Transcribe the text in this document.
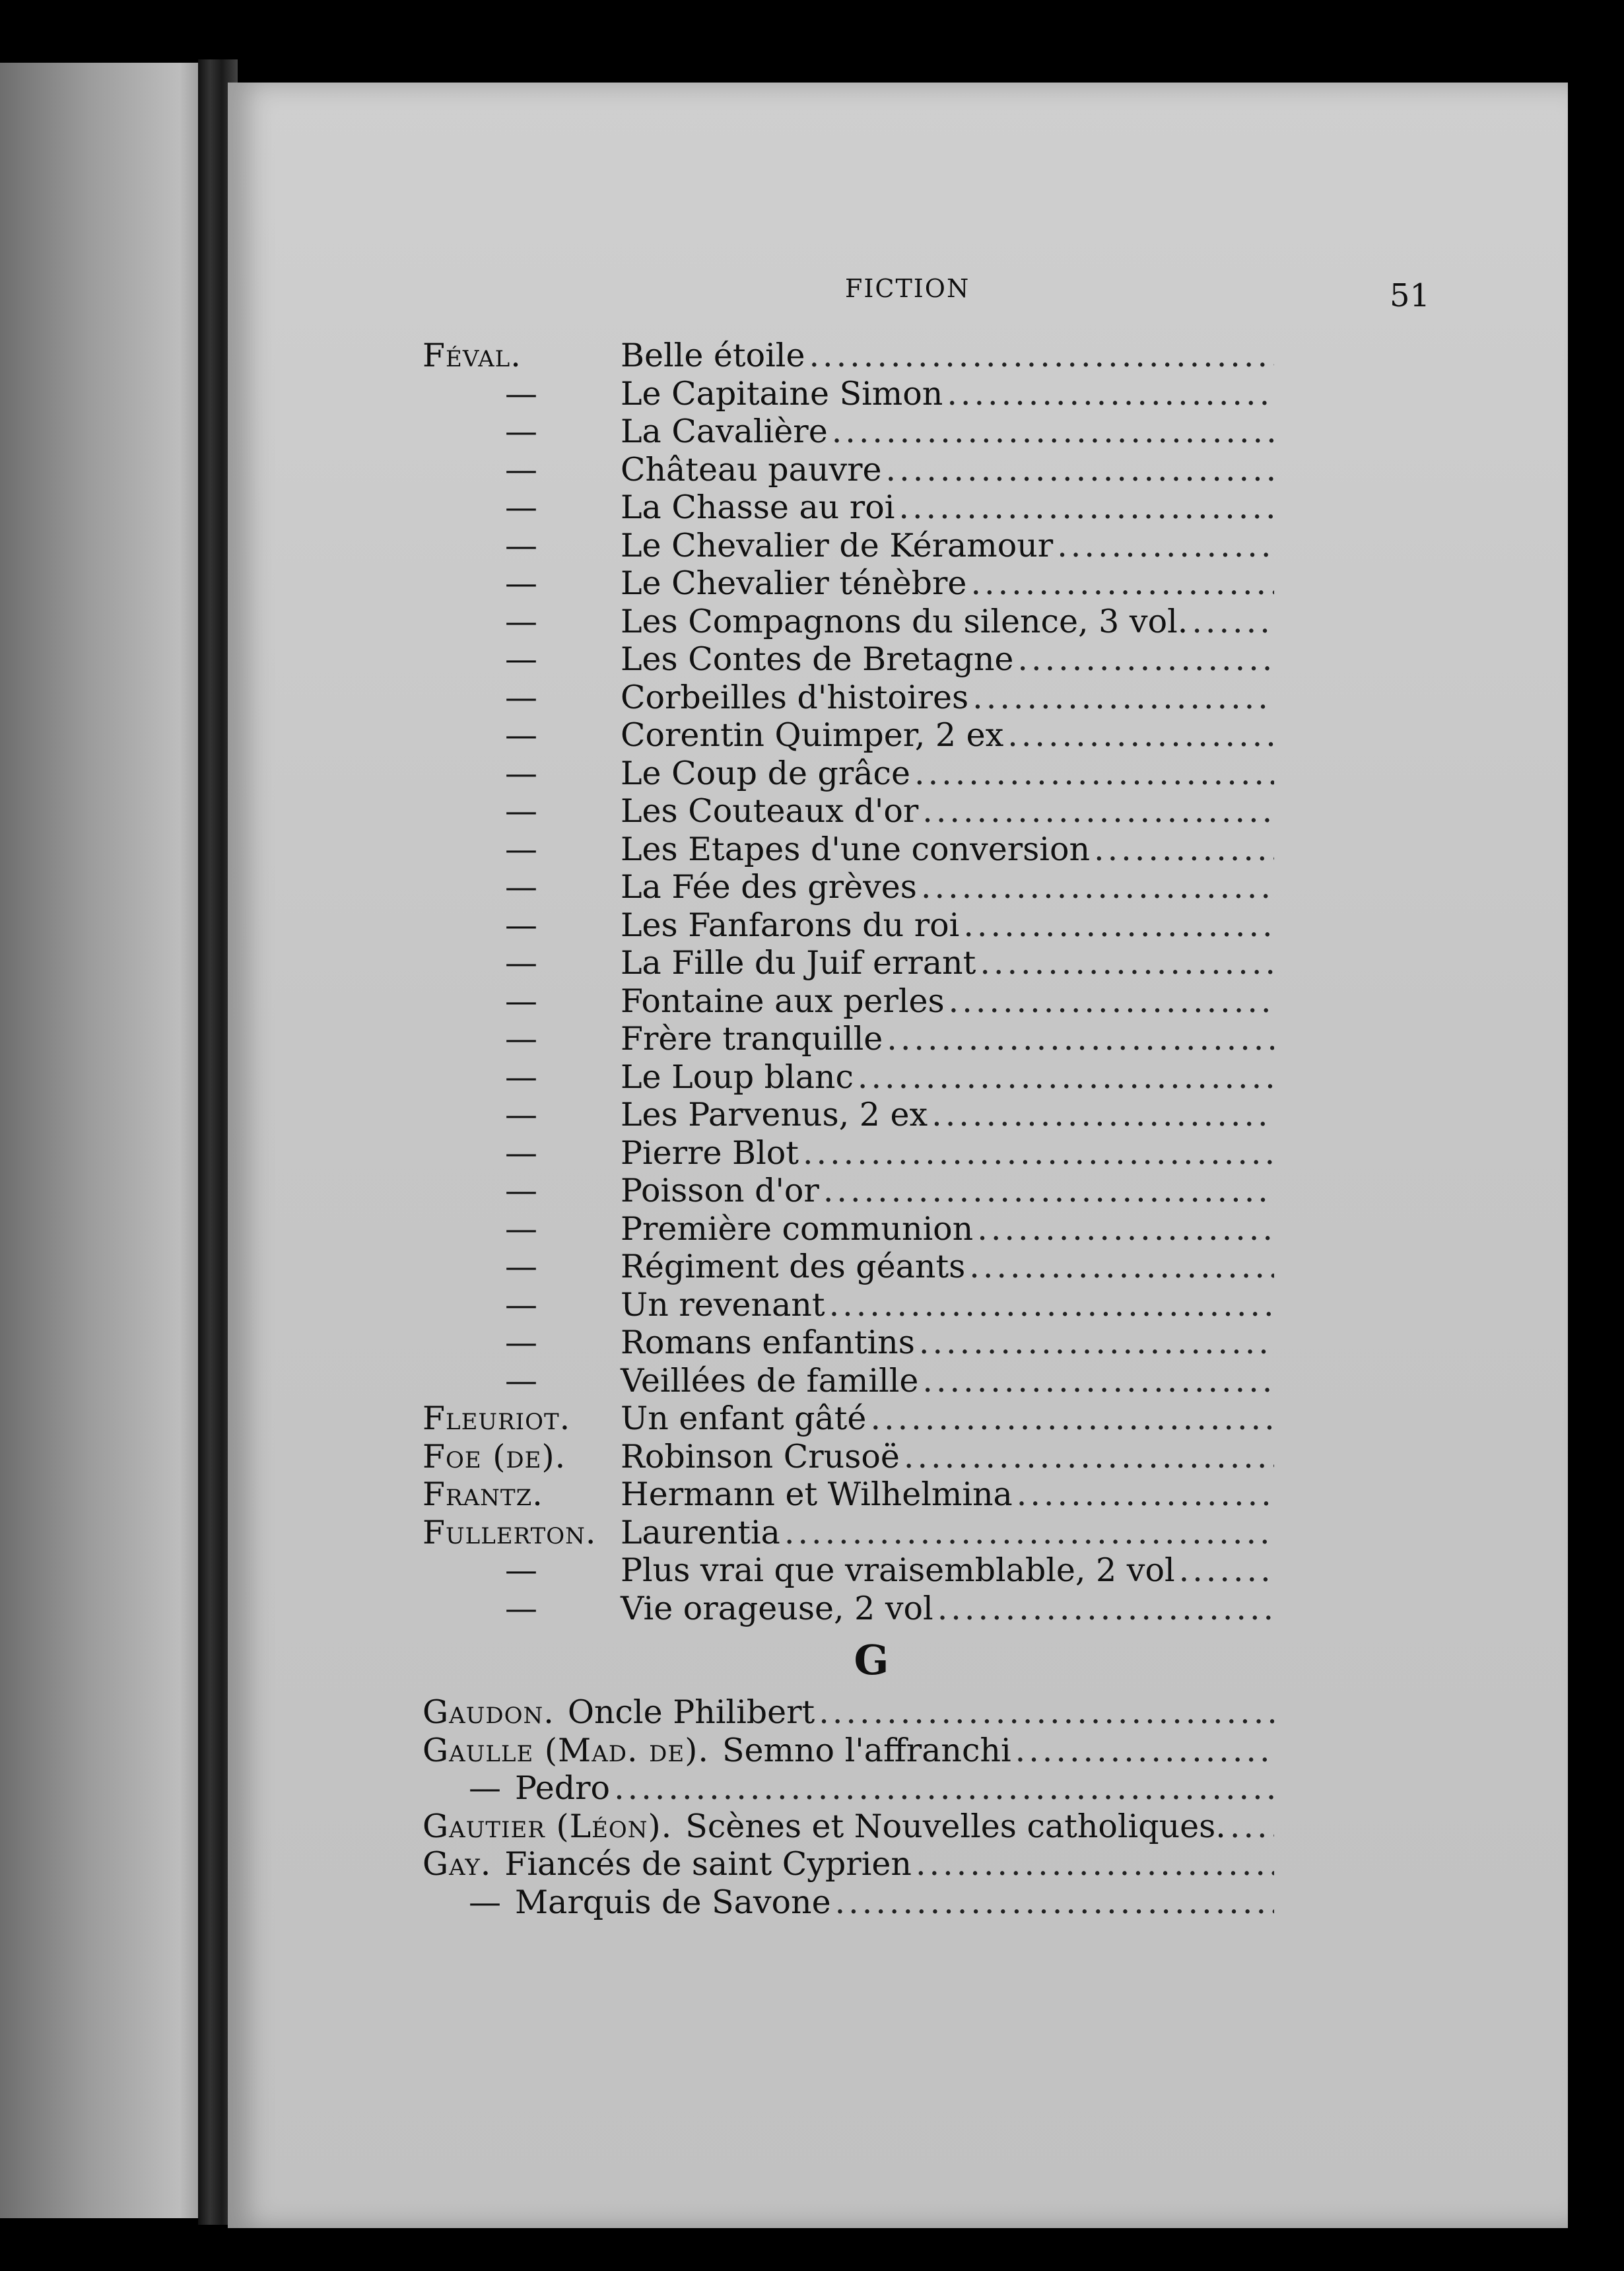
FICTION	51
Féval.	Belle étoile
.....
—	Le Capitaine Simon
.....
—	La Cavalière
.....
—	Château pauvre
.....
—	La Chasse au roi
.....
—	Le Chevalier de Kéramour
.....
—	Le Chevalier ténèbre
.....
—	Les Compagnons du silence, 3 vol.
.....
—	Les Contes de Bretagne
.....
—	Corbeilles d'histoires
.....
—	Corentin Quimper, 2 ex
.....
—	Le Coup de grâce
.....
—	Les Couteaux d'or
.....
—	Les Etapes d'une conversion
.....
—	La Fée des grèves
.....
—	Les Fanfarons du roi
.....
—	La Fille du Juif errant
.....
—	Fontaine aux perles
.....
—	Frère tranquille
.....
—	Le Loup blanc
.....
—	Les Parvenus, 2 ex
.....
—	Pierre Blot
.....
—	Poisson d'or
.....
—	Première communion
.....
—	Régiment des géants
.....
—	Un revenant
.....
—	Romans enfantins
.....
—	Veillées de famille
.....
Fleuriot.	Un enfant gâté
.....
Foe (de).	Robinson Crusoë
.....
Frantz.	Hermann et Wilhelmina
.....
Fullerton. Laurentia
.....
—	Plus vrai que vraisemblable, 2 vol
.....
—	Vie orageuse, 2 vol
.....
G
Gaudon. Oncle Philibert
.....
Gaulle (Mad. de). Semno l'affranchi
.....
— Pedro
.....
Gautier (Léon). Scènes et Nouvelles catholiques.
.....
Gay. Fiancés de saint Cyprien
.....
— Marquis de Savone
.....
